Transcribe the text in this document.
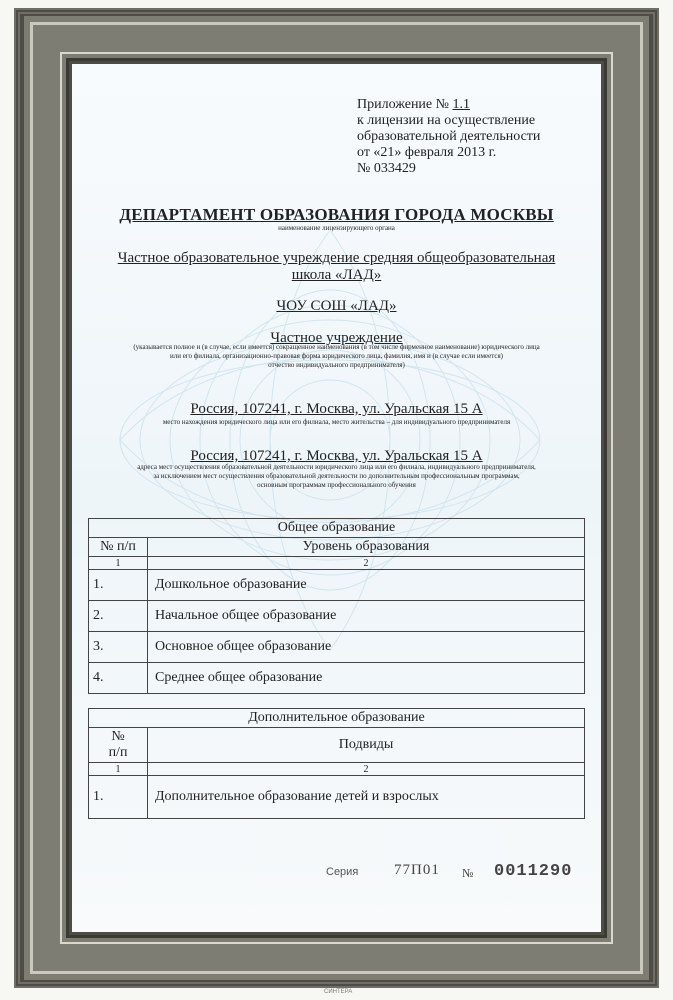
Приложение № 1.1
к лицензии на осуществление
образовательной деятельности
от «21» февраля 2013 г.
№ 033429
ДЕПАРТАМЕНТ ОБРАЗОВАНИЯ ГОРОДА МОСКВЫ
наименование лицензирующего органа
Частное образовательное учреждение средняя общеобразовательная
школа «ЛАД»
ЧОУ СОШ «ЛАД»
Частное учреждение
(указывается полное и (в случае, если имеется) сокращенное наименования (в том числе фирменное наименование) юридического лица
или его филиала, организационно-правовая форма юридического лица, фамилия, имя и (в случае если имеется)
отчество индивидуального предпринимателя)
Россия, 107241, г. Москва, ул. Уральская 15 А
место нахождения юридического лица или его филиала, место жительства – для индивидуального предпринимателя
Россия, 107241, г. Москва, ул. Уральская 15 А
адреса мест осуществления образовательной деятельности юридического лица или его филиала, индивидуального предпринимателя,
за исключением мест осуществления образовательной деятельности по дополнительным профессиональным программам,
основным программам профессионального обучения
Общее образование	
№ п/п	Уровень образования
1	2
1.	Дошкольное образование
2.	Начальное общее образование
3.	Основное общее образование
4.	Среднее общее образование
Дополнительное образование	

№
п/п	Подвиды
1	2
1.	Дополнительное образование детей и взрослых
Серия 77П01 № 0011290
СИНТЕРА
